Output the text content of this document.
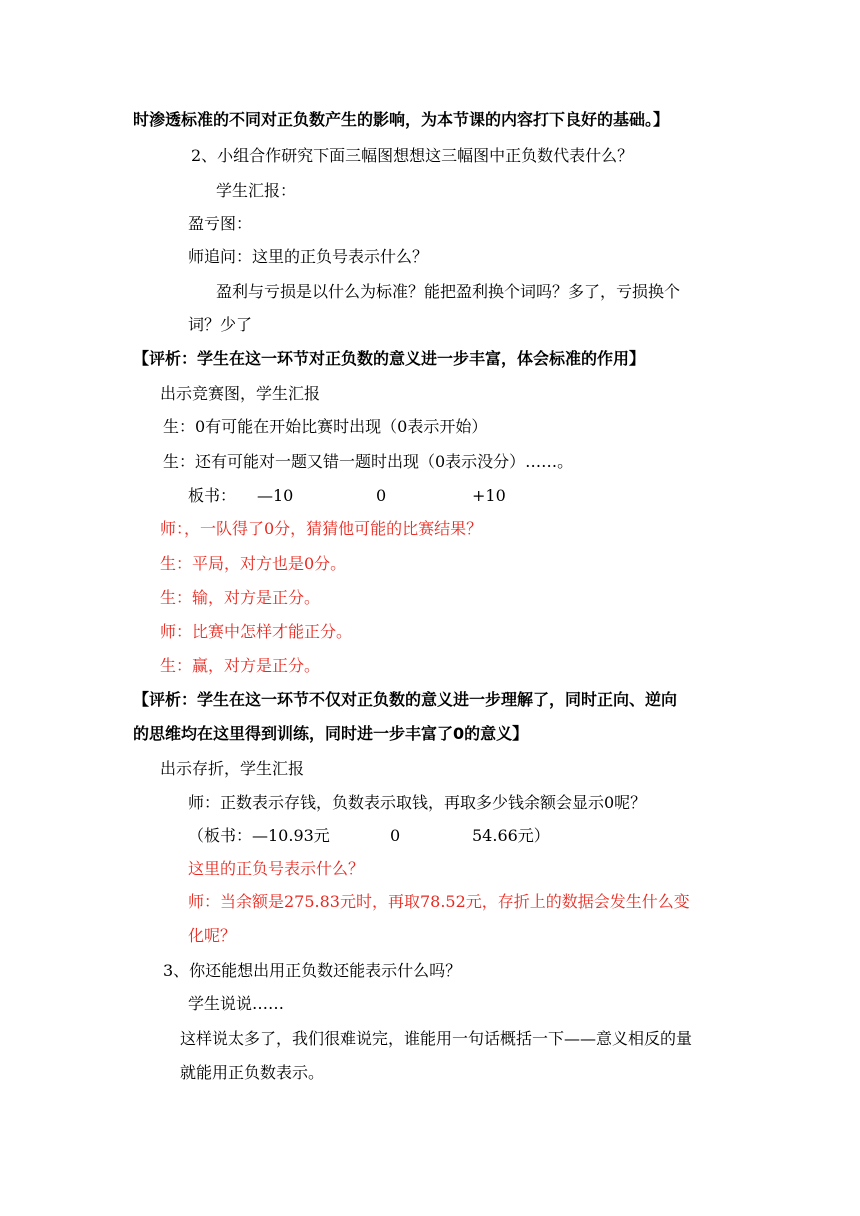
时渗透标准的不同对正负数产生的影响，为本节课的内容打下良好的基础。】
2、小组合作研究下面三幅图想想这三幅图中正负数代表什么？
学生汇报：
盈亏图：
师追问：这里的正负号表示什么？
盈利与亏损是以什么为标准？能把盈利换个词吗？多了，亏损换个
词？少了
【评析：学生在这一环节对正负数的意义进一步丰富，体会标准的作用】
出示竞赛图，学生汇报
生：0有可能在开始比赛时出现（0表示开始）
生：还有可能对一题又错一题时出现（0表示没分）……。
板书： —10	0	+10
师：，一队得了0分，猜猜他可能的比赛结果？
生：平局，对方也是0分。
生：输，对方是正分。
师：比赛中怎样才能正分。
生：赢，对方是正分。
【评析：学生在这一环节不仅对正负数的意义进一步理解了，同时正向、逆向
的思维均在这里得到训练，同时进一步丰富了0的意义】
出示存折，学生汇报
师：正数表示存钱，负数表示取钱，再取多少钱余额会显示0呢？
（板书：—10.93元	0	54.66元）
这里的正负号表示什么？
师：当余额是275.83元时，再取78.52元，存折上的数据会发生什么变
化呢？
3、你还能想出用正负数还能表示什么吗？
学生说说……
这样说太多了，我们很难说完，谁能用一句话概括一下——意义相反的量
就能用正负数表示。
